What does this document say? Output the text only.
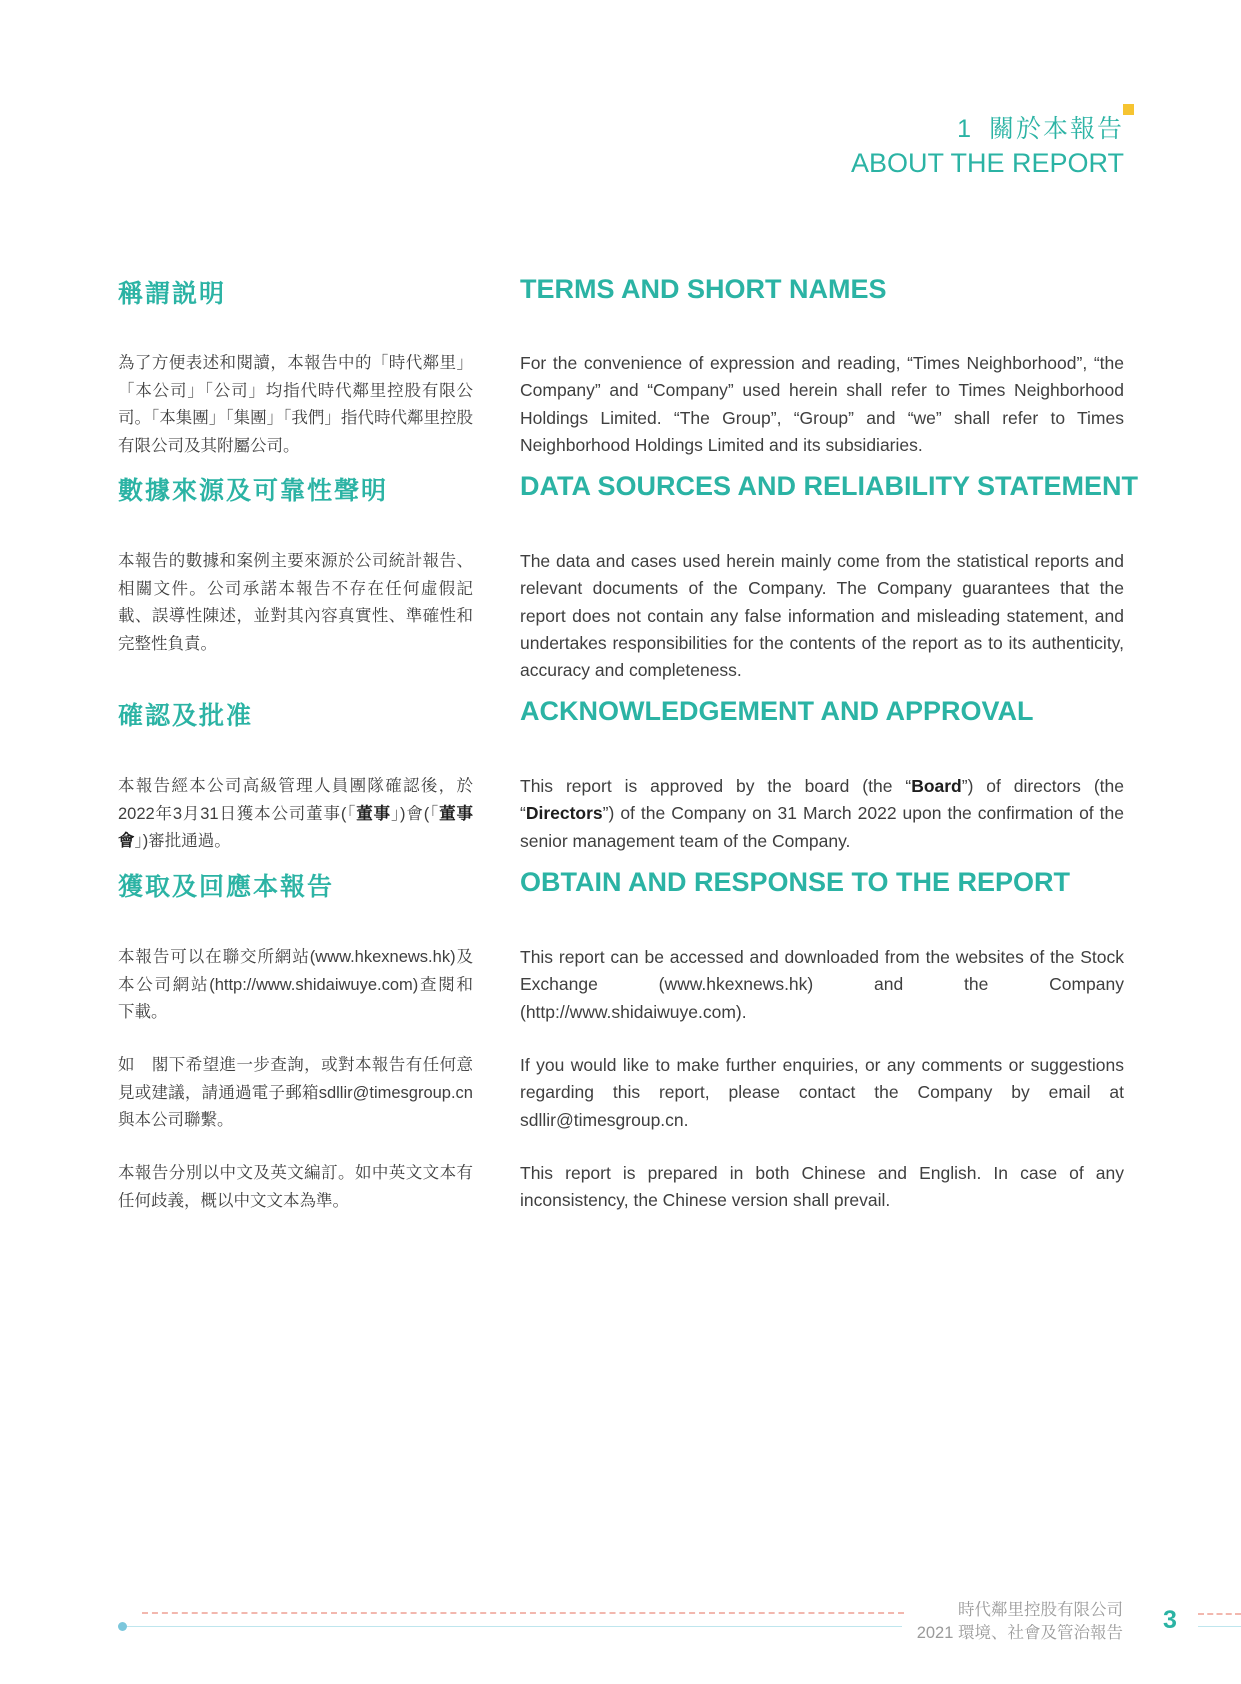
1 關於本報告
ABOUT THE REPORT
稱謂説明	TERMS AND SHORT NAMES

為了方便表述和閱讀，本報告中的「時代鄰里」「本公司」「公司」均指代時代鄰里控股有限公司。「本集團」「集團」「我們」指代時代鄰里控股有限公司及其附屬公司。

For the convenience of expression and reading, “Times Neighborhood”, “the Company” and “Company” used herein shall refer to Times Neighborhood Holdings Limited. “The Group”, “Group” and “we” shall refer to Times Neighborhood Holdings Limited and its subsidiaries.

數據來源及可靠性聲明	DATA SOURCES AND RELIABILITY STATEMENT

本報告的數據和案例主要來源於公司統計報告、相關文件。公司承諾本報告不存在任何虛假記載、誤導性陳述，並對其內容真實性、準確性和完整性負責。

The data and cases used herein mainly come from the statistical reports and relevant documents of the Company. The Company guarantees that the report does not contain any false information and misleading statement, and undertakes responsibilities for the contents of the report as to its authenticity, accuracy and completeness.

確認及批准	ACKNOWLEDGEMENT AND APPROVAL

本報告經本公司高級管理人員團隊確認後，於2022年3月31日獲本公司董事(「董事」)會(「董事會」)審批通過。

This report is approved by the board (the “Board”) of directors (the “Directors”) of the Company on 31 March 2022 upon the confirmation of the senior management team of the Company.

獲取及回應本報告	OBTAIN AND RESPONSE TO THE REPORT

本報告可以在聯交所網站(www.hkexnews.hk)及本公司網站(http://www.shidaiwuye.com)查閱和下載。

This report can be accessed and downloaded from the websites of the Stock Exchange (www.hkexnews.hk) and the Company (http://www.shidaiwuye.com).

如　閣下希望進一步查詢，或對本報告有任何意見或建議，請通過電子郵箱sdllir@timesgroup.cn與本公司聯繫。

If you would like to make further enquiries, or any comments or suggestions regarding this report, please contact the Company by email at sdllir@timesgroup.cn.

本報告分別以中文及英文編訂。如中英文文本有任何歧義，概以中文文本為準。

This report is prepared in both Chinese and English. In case of any inconsistency, the Chinese version shall prevail.

時代鄰里控股有限公司
2021 環境、社會及管治報告 3
